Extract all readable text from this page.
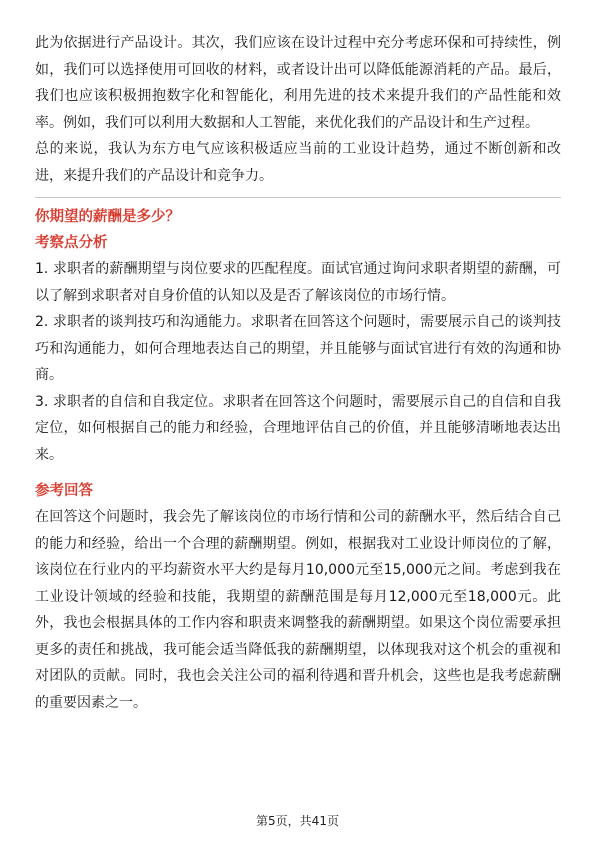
此为依据进行产品设计。其次，我们应该在设计过程中充分考虑环保和可持续性，例如，我们可以选择使用可回收的材料，或者设计出可以降低能源消耗的产品。最后，我们也应该积极拥抱数字化和智能化，利用先进的技术来提升我们的产品性能和效率。例如，我们可以利用大数据和人工智能，来优化我们的产品设计和生产过程。

总的来说，我认为东方电气应该积极适应当前的工业设计趋势，通过不断创新和改进，来提升我们的产品设计和竞争力。

你期望的薪酬是多少？

考察点分析

1. 求职者的薪酬期望与岗位要求的匹配程度。面试官通过询问求职者期望的薪酬，可以了解到求职者对自身价值的认知以及是否了解该岗位的市场行情。

2. 求职者的谈判技巧和沟通能力。求职者在回答这个问题时，需要展示自己的谈判技巧和沟通能力，如何合理地表达自己的期望，并且能够与面试官进行有效的沟通和协商。

3. 求职者的自信和自我定位。求职者在回答这个问题时，需要展示自己的自信和自我定位，如何根据自己的能力和经验，合理地评估自己的价值，并且能够清晰地表达出来。

参考回答

在回答这个问题时，我会先了解该岗位的市场行情和公司的薪酬水平，然后结合自己的能力和经验，给出一个合理的薪酬期望。例如，根据我对工业设计师岗位的了解，该岗位在行业内的平均薪资水平大约是每月10,000元至15,000元之间。考虑到我在工业设计领域的经验和技能，我期望的薪酬范围是每月12,000元至18,000元。此外，我也会根据具体的工作内容和职责来调整我的薪酬期望。如果这个岗位需要承担更多的责任和挑战，我可能会适当降低我的薪酬期望，以体现我对这个机会的重视和对团队的贡献。同时，我也会关注公司的福利待遇和晋升机会，这些也是我考虑薪酬的重要因素之一。

第5页，共41页
